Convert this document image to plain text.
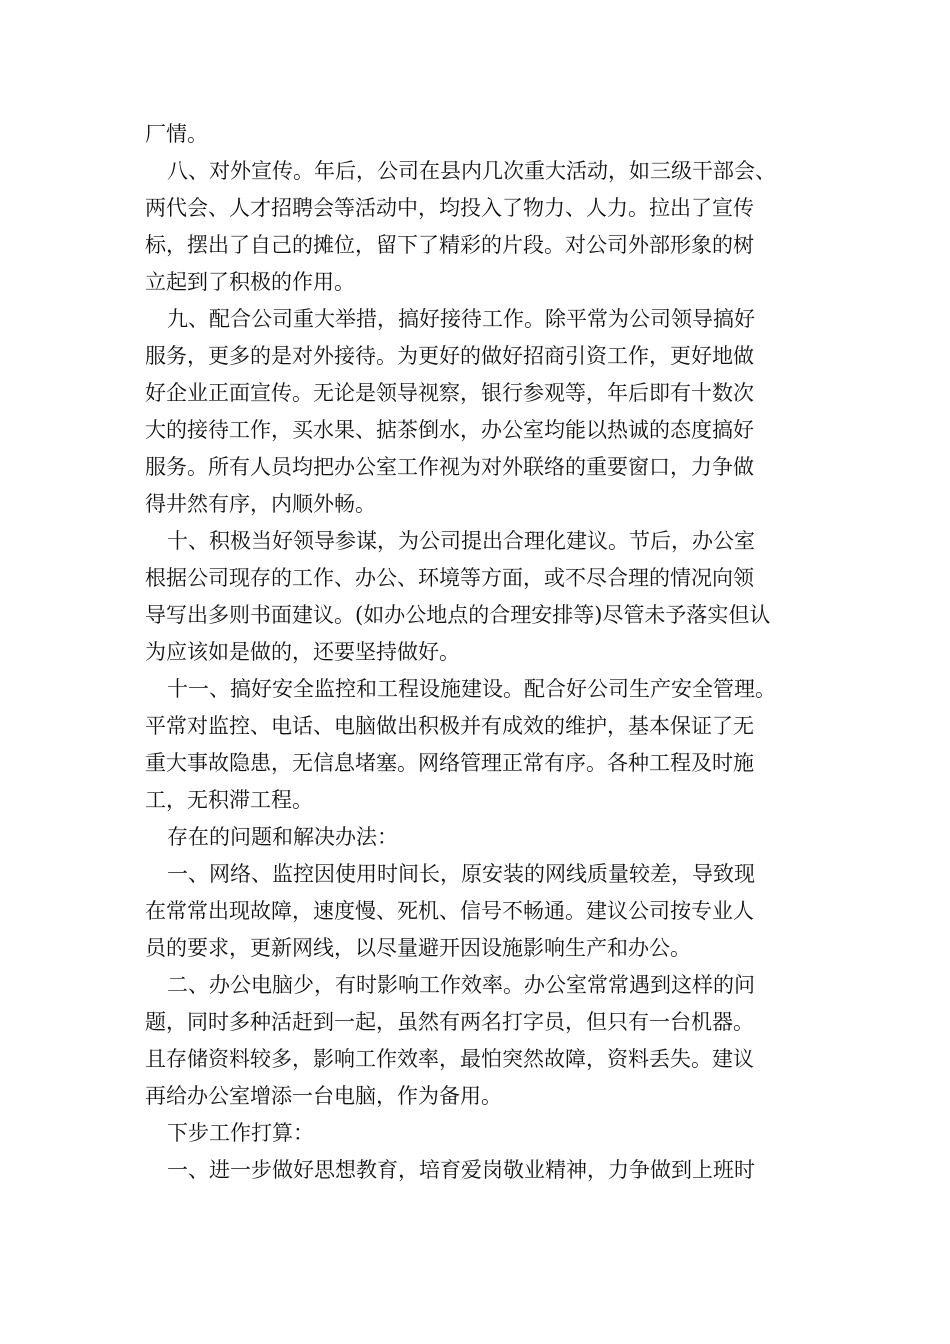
厂情。
八、对外宣传。年后，公司在县内几次重大活动，如三级干部会、
两代会、人才招聘会等活动中，均投入了物力、人力。拉出了宣传
标，摆出了自己的摊位，留下了精彩的片段。对公司外部形象的树
立起到了积极的作用。
九、配合公司重大举措，搞好接待工作。除平常为公司领导搞好
服务，更多的是对外接待。为更好的做好招商引资工作，更好地做
好企业正面宣传。无论是领导视察，银行参观等，年后即有十数次
大的接待工作，买水果、掂茶倒水，办公室均能以热诚的态度搞好
服务。所有人员均把办公室工作视为对外联络的重要窗口，力争做
得井然有序，内顺外畅。
十、积极当好领导参谋，为公司提出合理化建议。节后，办公室
根据公司现存的工作、办公、环境等方面，或不尽合理的情况向领
导写出多则书面建议。(如办公地点的合理安排等)尽管未予落实但认
为应该如是做的，还要坚持做好。
十一、搞好安全监控和工程设施建设。配合好公司生产安全管理。
平常对监控、电话、电脑做出积极并有成效的维护，基本保证了无
重大事故隐患，无信息堵塞。网络管理正常有序。各种工程及时施
工，无积滞工程。
存在的问题和解决办法：
一、网络、监控因使用时间长，原安装的网线质量较差，导致现
在常常出现故障，速度慢、死机、信号不畅通。建议公司按专业人
员的要求，更新网线，以尽量避开因设施影响生产和办公。
二、办公电脑少，有时影响工作效率。办公室常常遇到这样的问
题，同时多种活赶到一起，虽然有两名打字员，但只有一台机器。
且存储资料较多，影响工作效率，最怕突然故障，资料丢失。建议
再给办公室增添一台电脑，作为备用。
下步工作打算：
一、进一步做好思想教育，培育爱岗敬业精神，力争做到上班时
